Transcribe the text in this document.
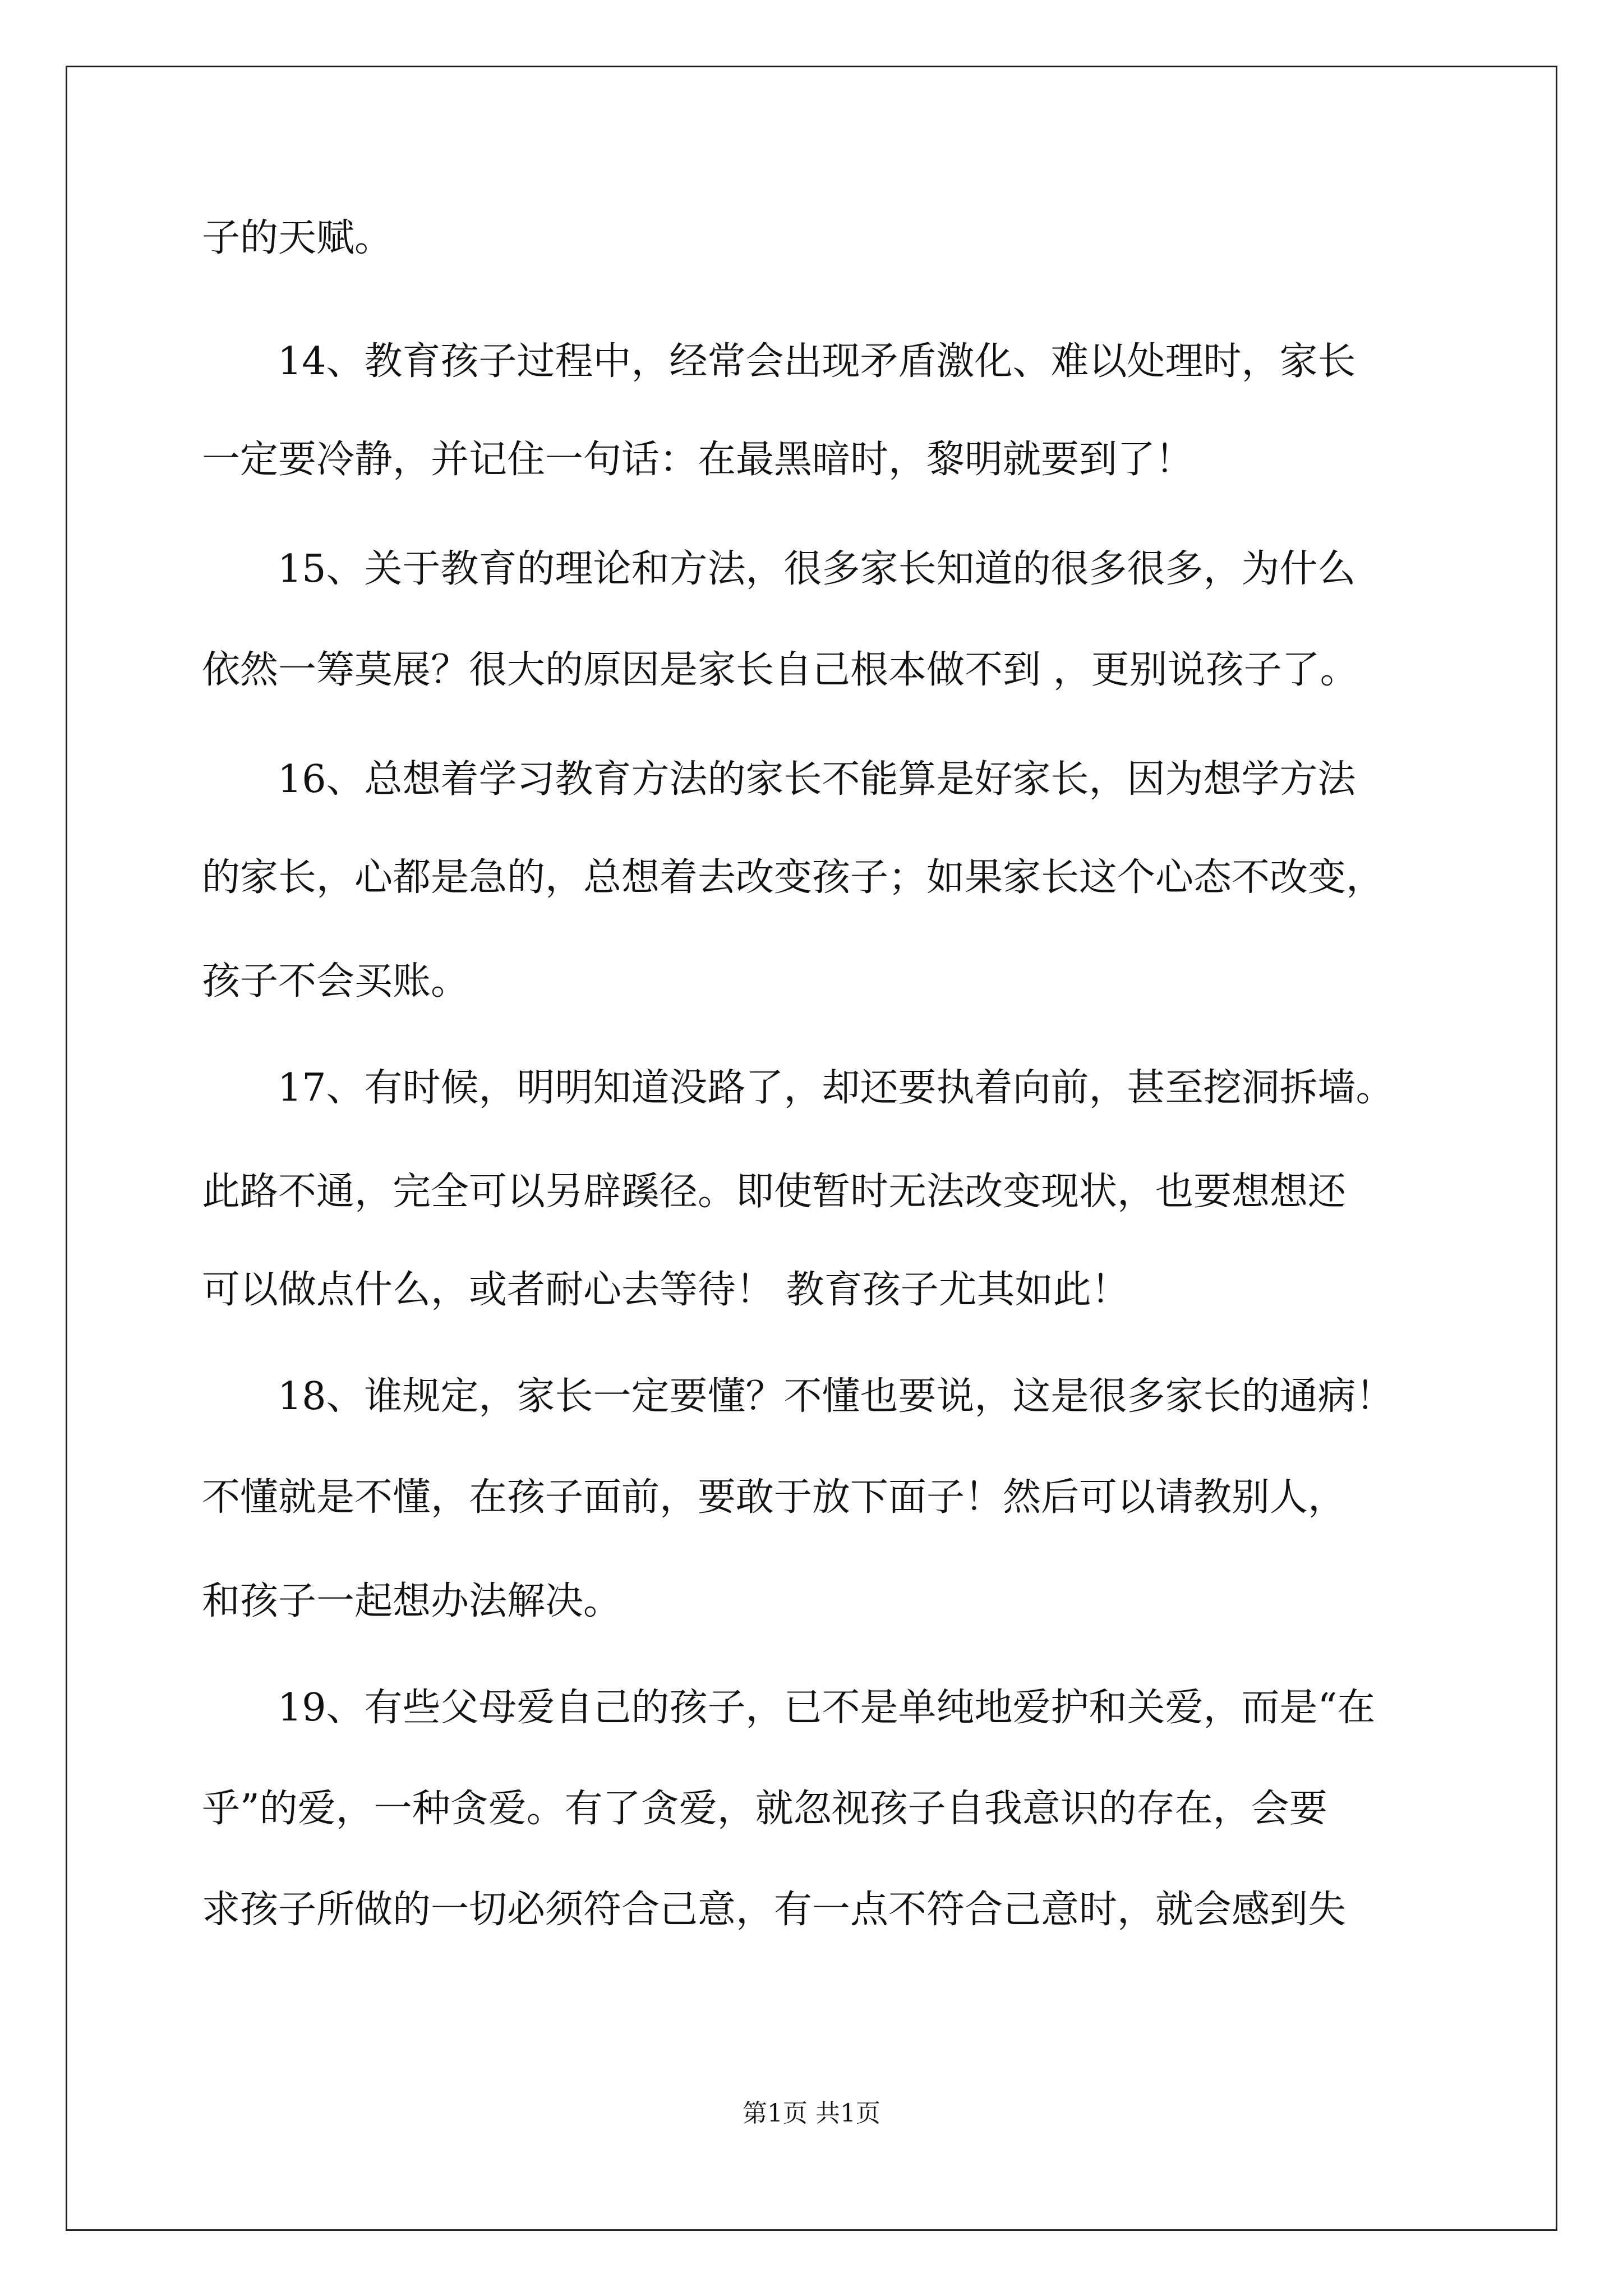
子的天赋。
14、教育孩子过程中，经常会出现矛盾激化、难以处理时，家长
一定要冷静，并记住一句话：在最黑暗时，黎明就要到了！
15、关于教育的理论和方法，很多家长知道的很多很多，为什么
依然一筹莫展？很大的原因是家长自己根本做不到 ，更别说孩子了。
16、总想着学习教育方法的家长不能算是好家长，因为想学方法
的家长，心都是急的，总想着去改变孩子；如果家长这个心态不改变，
孩子不会买账。
17、有时候，明明知道没路了，却还要执着向前，甚至挖洞拆墙。
此路不通，完全可以另辟蹊径。即使暂时无法改变现状，也要想想还
可以做点什么，或者耐心去等待！ 教育孩子尤其如此！
18、谁规定，家长一定要懂？不懂也要说，这是很多家长的通病！
不懂就是不懂，在孩子面前，要敢于放下面子！然后可以请教别人，
和孩子一起想办法解决。
19、有些父母爱自己的孩子，已不是单纯地爱护和关爱，而是“在
乎”的爱，一种贪爱。有了贪爱，就忽视孩子自我意识的存在，会要
求孩子所做的一切必须符合己意，有一点不符合己意时，就会感到失
第1页 共1页
